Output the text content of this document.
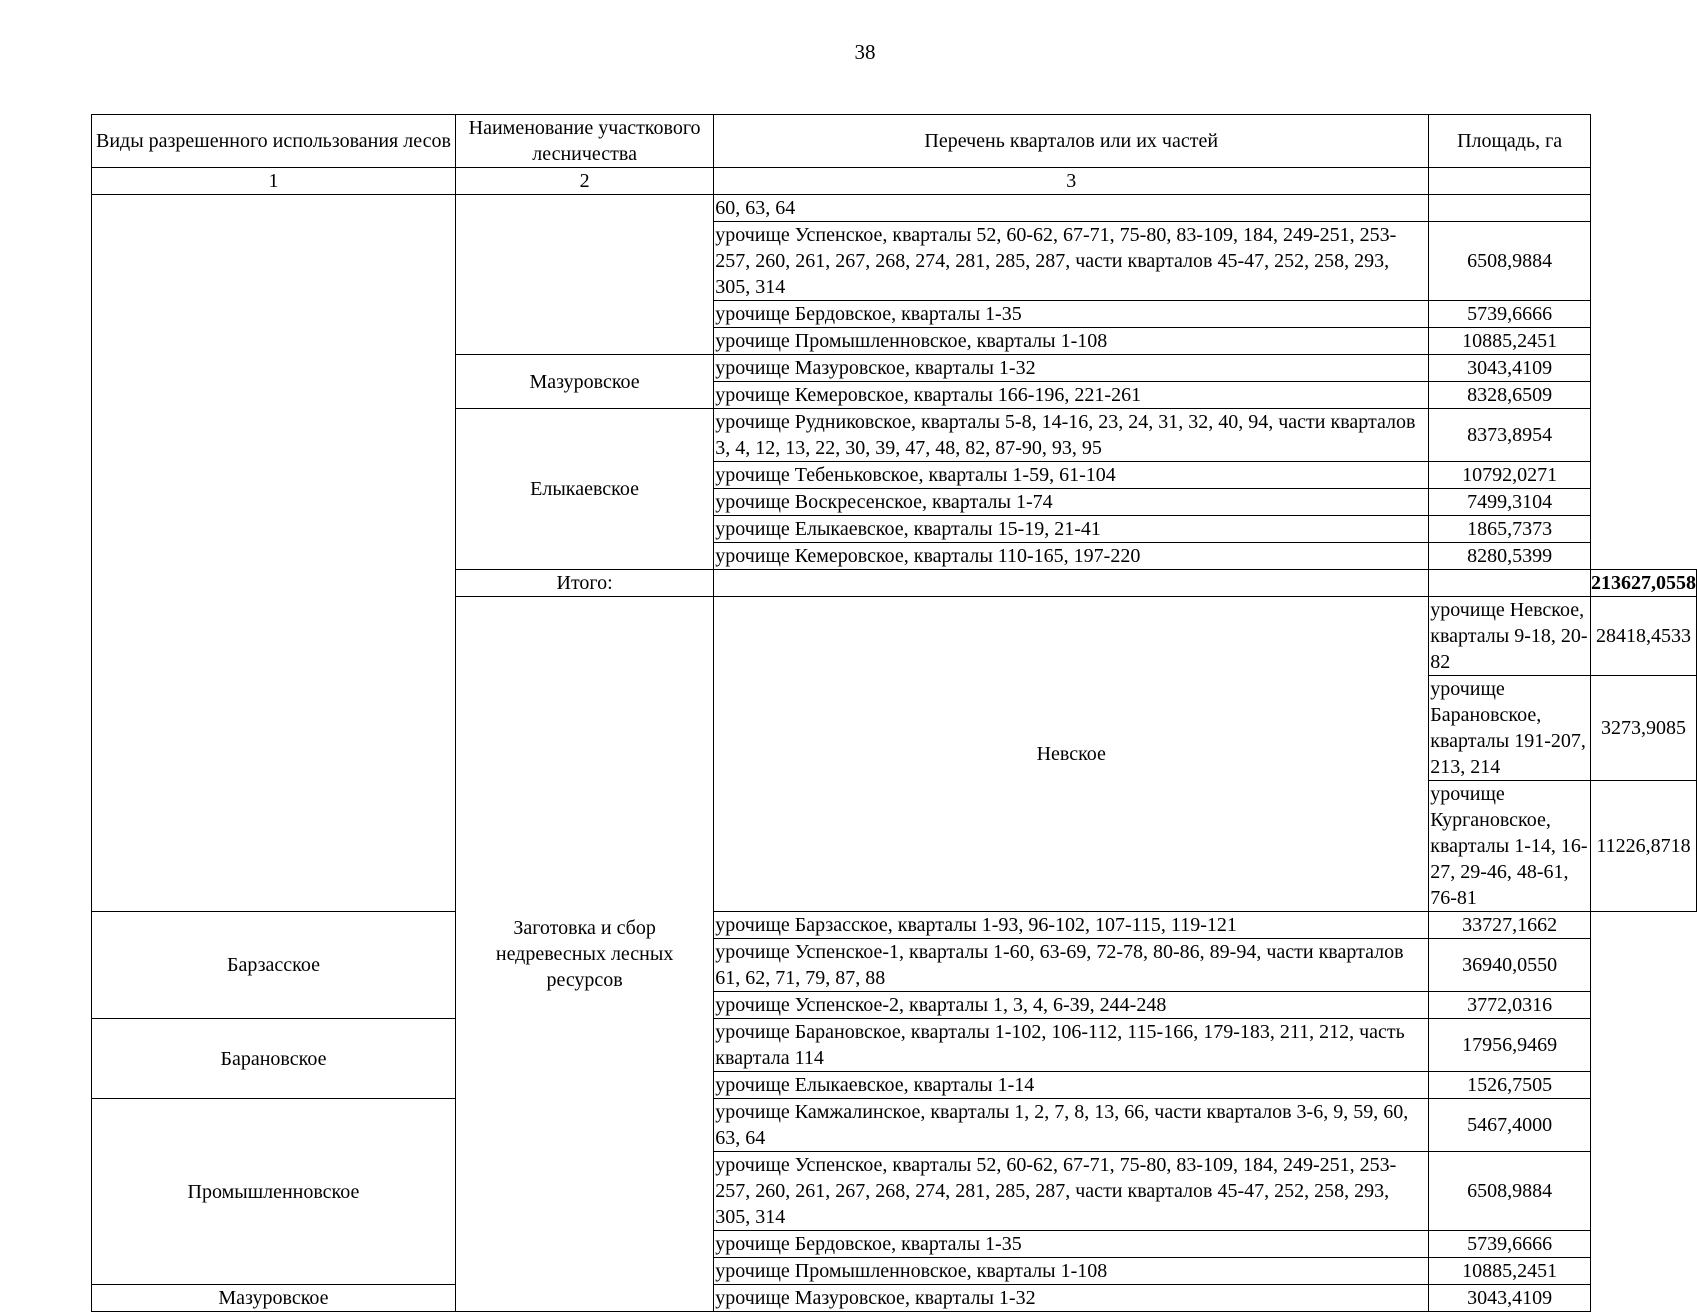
38
Виды разрешенного использования лесов	Наименование участкового лесничества	Перечень кварталов или их частей	Площадь, га	
1	2	3		
		60, 63, 64		
		урочище Успенское, кварталы 52, 60-62, 67-71, 75-80, 83-109, 184, 249-251, 253-257, 260, 261, 267, 268, 274, 281, 285, 287, части кварталов 45-47, 252, 258, 293, 305, 314	6508,9884	
		урочище Бердовское, кварталы 1-35	5739,6666	
		урочище Промышленновское, кварталы 1-108	10885,2451	
	Мазуровское	урочище Мазуровское, кварталы 1-32	3043,4109	
		урочище Кемеровское, кварталы 166-196, 221-261	8328,6509	
	Елыкаевское	урочище Рудниковское, кварталы 5-8, 14-16, 23, 24, 31, 32, 40, 94, части кварталов 3, 4, 12, 13, 22, 30, 39, 47, 48, 82, 87-90, 93, 95	8373,8954	
		урочище Тебеньковское, кварталы 1-59, 61-104	10792,0271	
		урочище Воскресенское, кварталы 1-74	7499,3104	
		урочище Елыкаевское, кварталы 15-19, 21-41	1865,7373	
		урочище Кемеровское, кварталы 110-165, 197-220	8280,5399	
	Итого:			213627,0558
	Заготовка и сбор недревесных лесных ресурсов	Невское	урочище Невское, кварталы 9-18, 20-82	28418,4533
			урочище Барановское, кварталы 191-207, 213, 214	3273,9085
			урочище Кургановское, кварталы 1-14, 16-27, 29-46, 48-61, 76-81	11226,8718
Барзасское		урочище Барзасское, кварталы 1-93, 96-102, 107-115, 119-121	33727,1662	
		урочище Успенское-1, кварталы 1-60, 63-69, 72-78, 80-86, 89-94, части кварталов 61, 62, 71, 79, 87, 88	36940,0550	
		урочище Успенское-2, кварталы 1, 3, 4, 6-39, 244-248	3772,0316	
Барановское		урочище Барановское, кварталы 1-102, 106-112, 115-166, 179-183, 211, 212, часть квартала 114	17956,9469	
		урочище Елыкаевское, кварталы 1-14	1526,7505	
Промышленновское		урочище Камжалинское, кварталы 1, 2, 7, 8, 13, 66, части кварталов 3-6, 9, 59, 60, 63, 64	5467,4000	
		урочище Успенское, кварталы 52, 60-62, 67-71, 75-80, 83-109, 184, 249-251, 253-257, 260, 261, 267, 268, 274, 281, 285, 287, части кварталов 45-47, 252, 258, 293, 305, 314	6508,9884	
		урочище Бердовское, кварталы 1-35	5739,6666	
		урочище Промышленновское, кварталы 1-108	10885,2451	
Мазуровское		урочище Мазуровское, кварталы 1-32	3043,4109	
